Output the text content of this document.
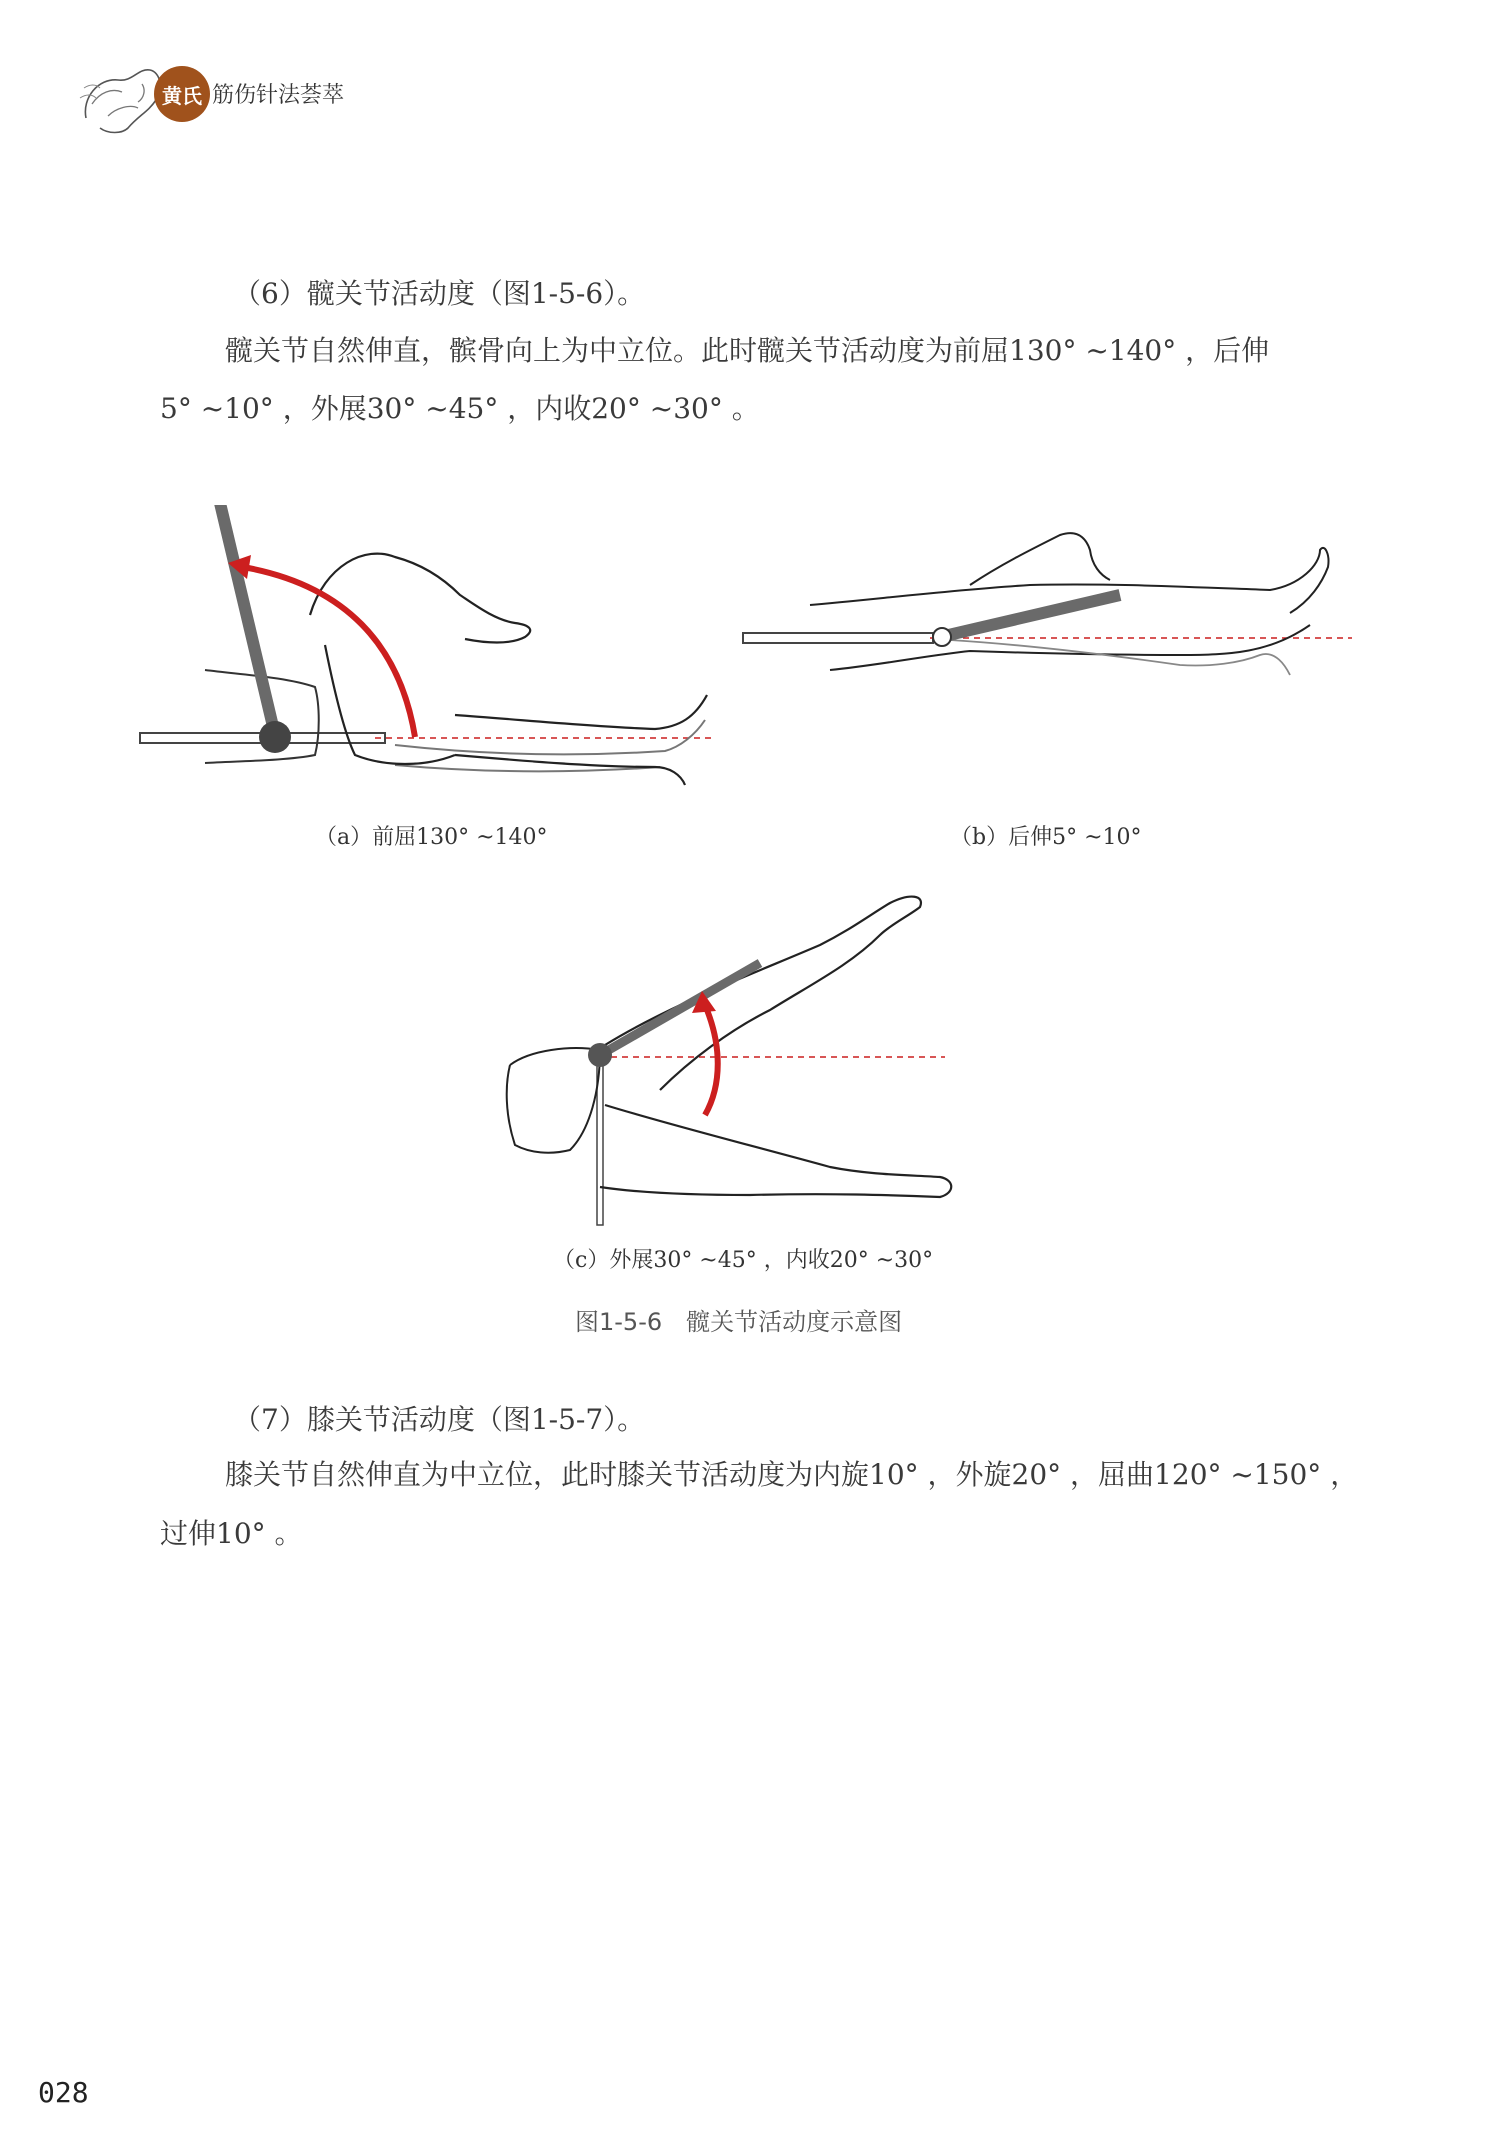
黄氏 筋伤针法荟萃
（6）髋关节活动度（图1-5-6）。
髋关节自然伸直，髌骨向上为中立位。此时髋关节活动度为前屈130° ~140° ，后伸
5° ~10° ，外展30° ~45° ，内收20° ~30° 。
（a）前屈130° ~140°	（b）后伸5° ~10°
（c）外展30° ~45° ，内收20° ~30°
图1-5-6　髋关节活动度示意图
（7）膝关节活动度（图1-5-7）。
膝关节自然伸直为中立位，此时膝关节活动度为内旋10° ，外旋20° ，屈曲120° ~150° ，
过伸10° 。
028
